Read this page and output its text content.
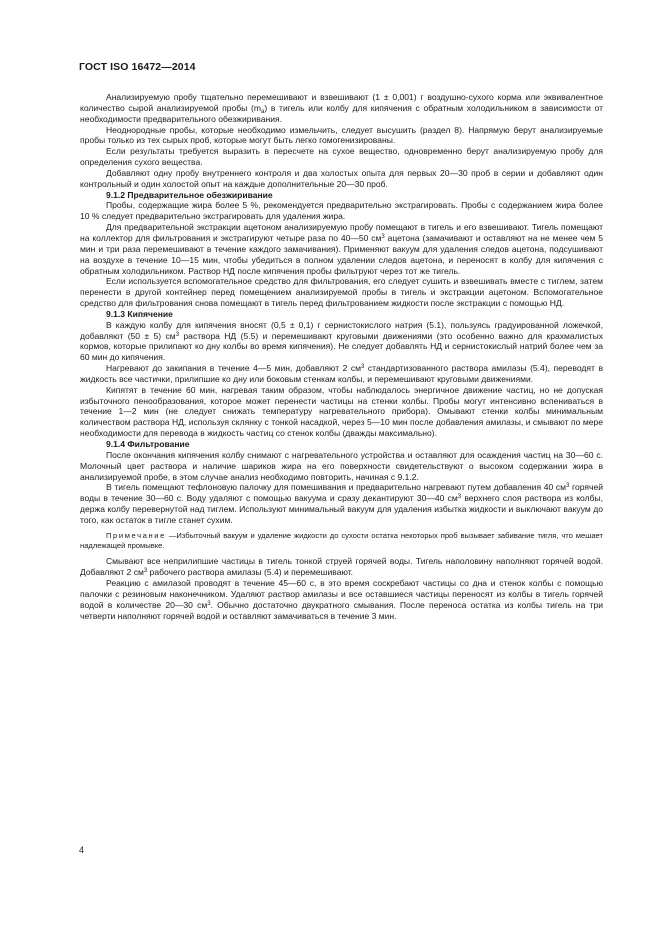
ГОСТ ISO 16472—2014

Анализируемую пробу тщательно перемешивают и взвешивают (1 ± 0,001) г воздушно-сухого корма или эквивалентное количество сырой анализируемой пробы $(m_a)$ в тигель или колбу для кипячения с обратным холодильником в зависимости от необходимости предварительного обезжиривания.

Неоднородные пробы, которые необходимо измельчить, следует высушить (раздел 8). Напрямую берут анализируемые пробы только из тех сырых проб, которые могут быть легко гомогенизированы.

Если результаты требуется выразить в пересчете на сухое вещество, одновременно берут анализируемую пробу для определения сухого вещества.

Добавляют одну пробу внутреннего контроля и два холостых опыта для первых 20—30 проб в серии и добавляют один контрольный и один холостой опыт на каждые дополнительные 20—30 проб.

9.1.2 Предварительное обезжиривание

Пробы, содержащие жира более 5 %, рекомендуется предварительно экстрагировать. Пробы с содержанием жира более 10 % следует предварительно экстрагировать для удаления жира.

Для предварительной экстракции ацетоном анализируемую пробу помещают в тигель и его взвешивают. Тигель помещают на коллектор для фильтрования и экстрагируют четыре раза по 40—50 $см^3$ ацетона (замачивают и оставляют на не менее чем 5 мин и три раза перемешивают в течение каждого замачивания). Применяют вакуум для удаления следов ацетона, подсушивают на воздухе в течение 10—15 мин, чтобы убедиться в полном удалении следов ацетона, и переносят в колбу для кипячения с обратным холодильником. Раствор НД после кипячения пробы фильтруют через тот же тигель.

Если используется вспомогательное средство для фильтрования, его следует сушить и взвешивать вместе с тиглем, затем перенести в другой контейнер перед помещением анализируемой пробы в тигель и экстракции ацетоном. Вспомогательное средство для фильтрования снова помещают в тигель перед фильтрованием жидкости после экстракции с помощью НД.

9.1.3 Кипячение

В каждую колбу для кипячения вносят (0,5 ± 0,1) г сернистокислого натрия (5.1), пользуясь градуированной ложечкой, добавляют (50 ± 5) $см^3$ раствора НД (5.5) и перемешивают круговыми движениями (это особенно важно для крахмалистых кормов, которые прилипают ко дну колбы во время кипячения). Не следует добавлять НД и сернистокислый натрий более чем за 60 мин до кипячения.

Нагревают до закипания в течение 4—5 мин, добавляют 2 $см^3$ стандартизованного раствора амилазы (5.4), переводят в жидкость все частички, прилипшие ко дну или боковым стенкам колбы, и перемешивают круговыми движениями.

Кипятят в течение 60 мин, нагревая таким образом, чтобы наблюдалось энергичное движение частиц, но не допуская избыточного пенообразования, которое может перенести частицы на стенки колбы. Пробы могут интенсивно вспениваться в течение 1—2 мин (не следует снижать температуру нагревательного прибора). Омывают стенки колбы минимальным количеством раствора НД, используя склянку с тонкой насадкой, через 5—10 мин после добавления амилазы, и смывают по мере необходимости для перевода в жидкость частиц со стенок колбы (дважды максимально).

9.1.4 Фильтрование

После окончания кипячения колбу снимают с нагревательного устройства и оставляют для осаждения частиц на 30—60 с. Молочный цвет раствора и наличие шариков жира на его поверхности свидетельствуют о высоком содержании жира в анализируемой пробе, в этом случае анализ необходимо повторить, начиная с 9.1.2.

В тигель помещают тефлоновую палочку для помешивания и предварительно нагревают путем добавления 40 $см^3$ горячей воды в течение 30—60 с. Воду удаляют с помощью вакуума и сразу декантируют 30—40 $см^3$ верхнего слоя раствора из колбы, держа колбу перевернутой над тиглем. Используют минимальный вакуум для удаления избытка жидкости и выключают вакуум до того, как остаток в тигле станет сухим.

Примечание —Избыточный вакуум и удаление жидкости до сухости остатка некоторых проб вызывает забивание тигля, что мешает надлежащей промывке.

Смывают все неприлипшие частицы в тигель тонкой струей горячей воды. Тигель наполовину наполняют горячей водой. Добавляют 2 $см^3$ рабочего раствора амилазы (5.4) и перемешивают.

Реакцию с амилазой проводят в течение 45—60 с, в это время соскребают частицы со дна и стенок колбы с помощью палочки с резиновым наконечником. Удаляют раствор амилазы и все оставшиеся частицы переносят из колбы в тигель горячей водой в количестве 20—30 $см^3$. Обычно достаточно двукратного смывания. После переноса остатка из колбы тигель на три четверти наполняют горячей водой и оставляют замачиваться в течение 3 мин.

4
